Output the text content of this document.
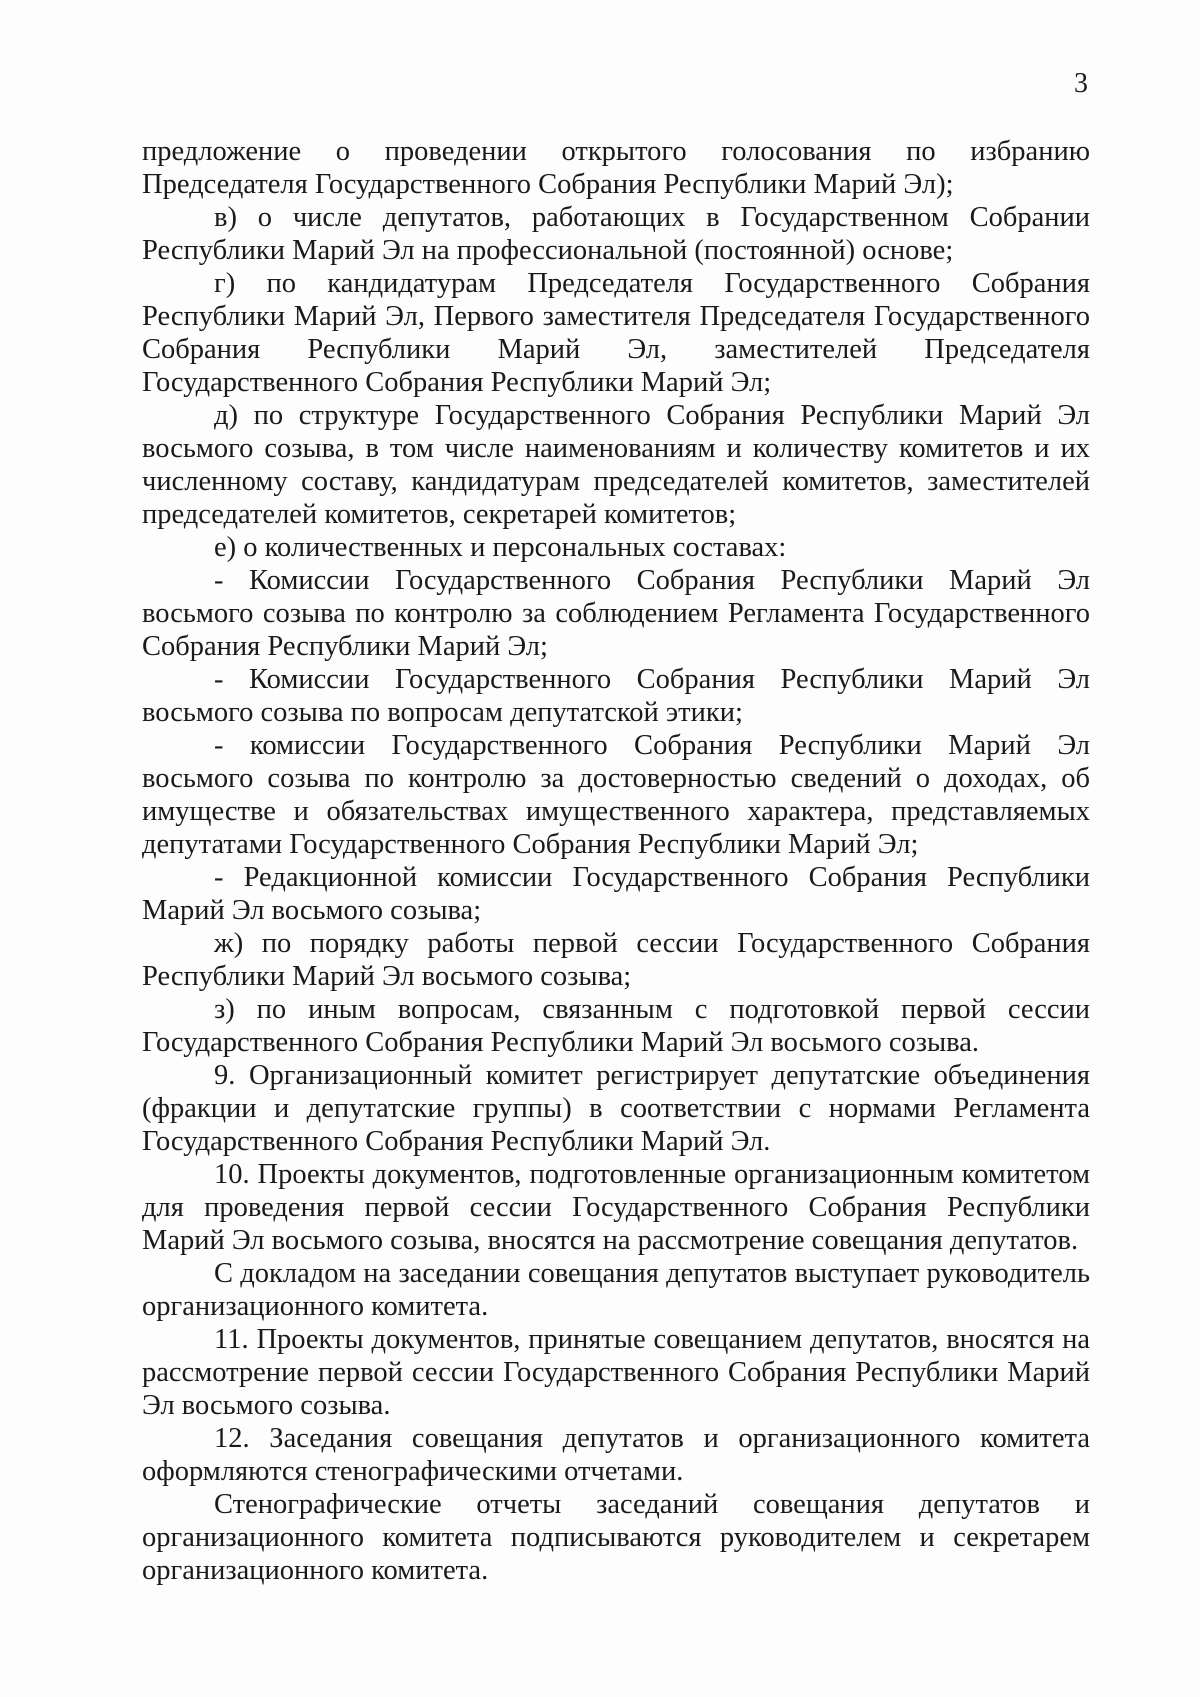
3

предложение о проведении открытого голосования по избранию Председателя Государственного Собрания Республики Марий Эл);

в) о числе депутатов, работающих в Государственном Собрании Республики Марий Эл на профессиональной (постоянной) основе;

г) по кандидатурам Председателя Государственного Собрания Республики Марий Эл, Первого заместителя Председателя Государственного Собрания Республики Марий Эл, заместителей Председателя Государственного Собрания Республики Марий Эл;

д) по структуре Государственного Собрания Республики Марий Эл восьмого созыва, в том числе наименованиям и количеству комитетов и их численному составу, кандидатурам председателей комитетов, заместителей председателей комитетов, секретарей комитетов;

е) о количественных и персональных составах:

- Комиссии Государственного Собрания Республики Марий Эл восьмого созыва по контролю за соблюдением Регламента Государственного Собрания Республики Марий Эл;

- Комиссии Государственного Собрания Республики Марий Эл восьмого созыва по вопросам депутатской этики;

- комиссии Государственного Собрания Республики Марий Эл восьмого созыва по контролю за достоверностью сведений о доходах, об имуществе и обязательствах имущественного характера, представляемых депутатами Государственного Собрания Республики Марий Эл;

- Редакционной комиссии Государственного Собрания Республики Марий Эл восьмого созыва;

ж) по порядку работы первой сессии Государственного Собрания Республики Марий Эл восьмого созыва;

з) по иным вопросам, связанным с подготовкой первой сессии Государственного Собрания Республики Марий Эл восьмого созыва.

9. Организационный комитет регистрирует депутатские объединения (фракции и депутатские группы) в соответствии с нормами Регламента Государственного Собрания Республики Марий Эл.

10. Проекты документов, подготовленные организационным комитетом для проведения первой сессии Государственного Собрания Республики Марий Эл восьмого созыва, вносятся на рассмотрение совещания депутатов.

С докладом на заседании совещания депутатов выступает руководитель организационного комитета.

11. Проекты документов, принятые совещанием депутатов, вносятся на рассмотрение первой сессии Государственного Собрания Республики Марий Эл восьмого созыва.

12. Заседания совещания депутатов и организационного комитета оформляются стенографическими отчетами.

Стенографические отчеты заседаний совещания депутатов и организационного комитета подписываются руководителем и секретарем организационного комитета.
